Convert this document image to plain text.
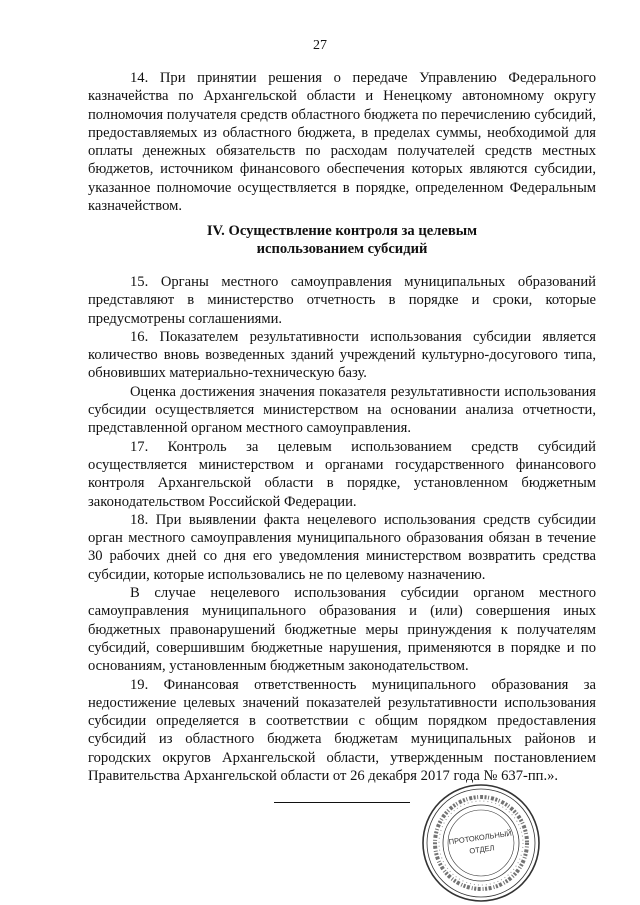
27

14. При принятии решения о передаче Управлению Федерального казначейства по Архангельской области и Ненецкому автономному округу полномочия получателя средств областного бюджета по перечислению субсидий, предоставляемых из областного бюджета, в пределах суммы, необходимой для оплаты денежных обязательств по расходам получателей средств местных бюджетов, источником финансового обеспечения которых являются субсидии, указанное полномочие осуществляется в порядке, определенном Федеральным казначейством.

IV. Осуществление контроля за целевым
использованием субсидий

15. Органы местного самоуправления муниципальных образований представляют в министерство отчетность в порядке и сроки, которые предусмотрены соглашениями.

16. Показателем результативности использования субсидии является количество вновь возведенных зданий учреждений культурно-досугового типа, обновивших материально-техническую базу.

Оценка достижения значения показателя результативности использования субсидии осуществляется министерством на основании анализа отчетности, представленной органом местного самоуправления.

17. Контроль за целевым использованием средств субсидий осуществляется министерством и органами государственного финансового контроля Архангельской области в порядке, установленном бюджетным законодательством Российской Федерации.

18. При выявлении факта нецелевого использования средств субсидии орган местного самоуправления муниципального образования обязан в течение 30 рабочих дней со дня его уведомления министерством возвратить средства субсидии, которые использовались не по целевому назначению.

В случае нецелевого использования субсидии органом местного самоуправления муниципального образования и (или) совершения иных бюджетных правонарушений бюджетные меры принуждения к получателям субсидий, совершившим бюджетные нарушения, применяются в порядке и по основаниям, установленным бюджетным законодательством.

19. Финансовая ответственность муниципального образования за недостижение целевых значений показателей результативности использования субсидии определяется в соответствии с общим порядком предоставления субсидий из областного бюджета бюджетам муниципальных районов и городских округов Архангельской области, утвержденным постановлением Правительства Архангельской области от 26 декабря 2017 года № 637-пп.».

ПРОТОКОЛЬНЫЙ
ОТДЕЛ
